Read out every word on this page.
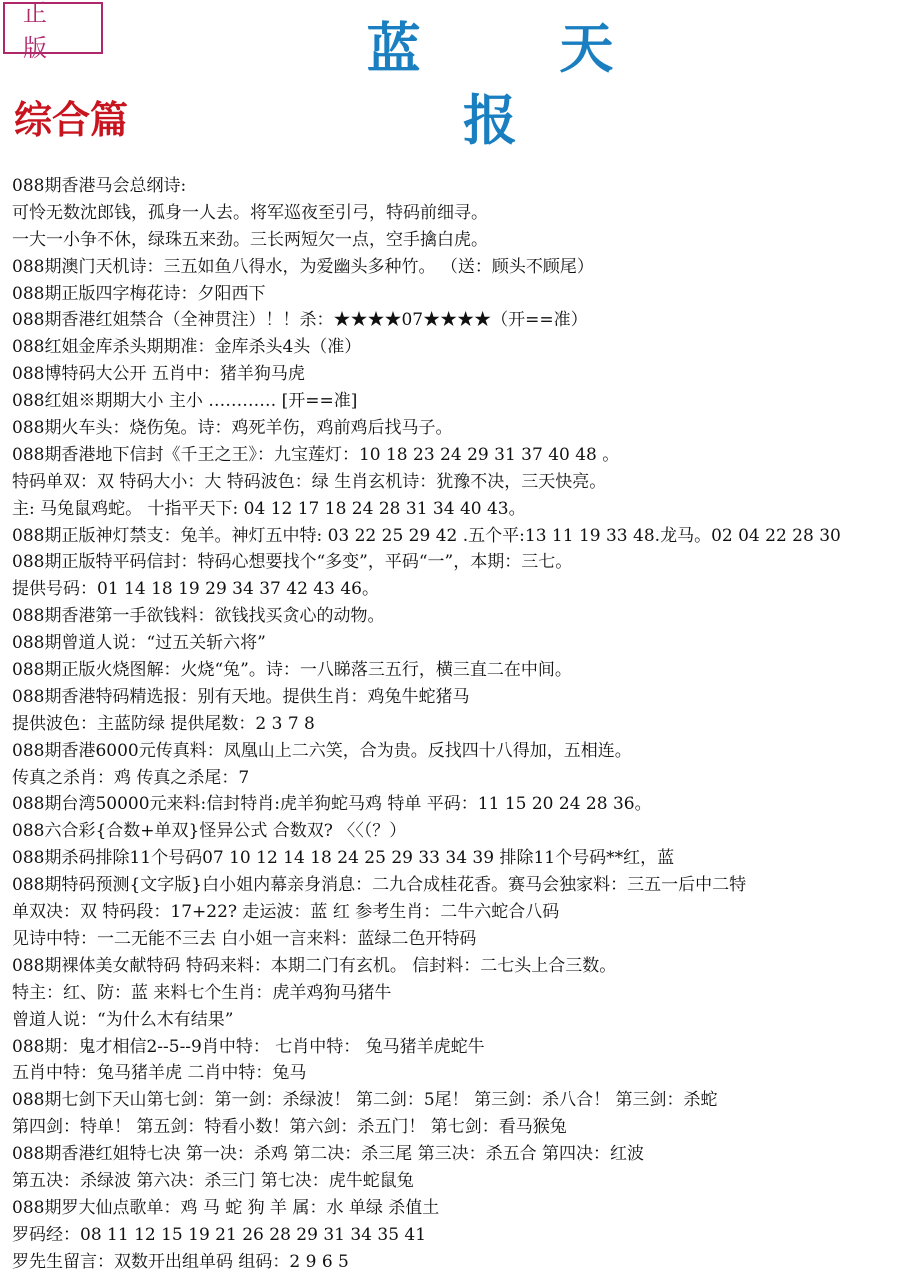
正 版	蓝 天 报
综合篇
088期香港马会总纲诗:
可怜无数沈郎钱，孤身一人去。将军巡夜至引弓，特码前细寻。
一大一小争不休，绿珠五来劲。三长两短欠一点，空手擒白虎。
088期澳门天机诗：三五如鱼八得水，为爱幽头多种竹。 （送：顾头不顾尾）
088期正版四字梅花诗：夕阳西下
088期香港红姐禁合（全神贯注）！！杀：★★★★07★★★★（开==准）
088红姐金库杀头期期准：金库杀头4头（准）
088博特码大公开 五肖中：猪羊狗马虎
088红姐※期期大小 主小 ………… [开==准]
088期火车头：烧伤兔。诗：鸡死羊伤，鸡前鸡后找马子。
088期香港地下信封《千王之王》：九宝莲灯：10 18 23 24 29 31 37 40 48 。
特码单双：双 特码大小：大 特码波色：绿 生肖玄机诗：犹豫不决，三天快亮。
主: 马兔鼠鸡蛇。 十指平天下: 04 12 17 18 24 28 31 34 40 43。
088期正版神灯禁支：兔羊。神灯五中特: 03 22 25 29 42 .五个平:13 11 19 33 48.龙马。02 04 22 28 30
088期正版特平码信封：特码心想要找个“多变”，平码“一”，本期：三七。
提供号码：01 14 18 19 29 34 37 42 43 46。
088期香港第一手欲钱料：欲钱找买贪心的动物。
088期曾道人说：“过五关斩六将”
088期正版火烧图解：火烧“兔”。诗：一八睇落三五行，横三直二在中间。
088期香港特码精选报：别有天地。提供生肖：鸡兔牛蛇猪马
提供波色：主蓝防绿 提供尾数：2 3 7 8
088期香港6000元传真料：凤凰山上二六笑，合为贵。反找四十八得加，五相连。
传真之杀肖：鸡 传真之杀尾：7
088期台湾50000元来料:信封特肖:虎羊狗蛇马鸡 特单 平码：11 15 20 24 28 36。
088六合彩{合数+单双}怪异公式 合数双? 〈〈（？）
088期杀码排除11个号码07 10 12 14 18 24 25 29 33 34 39 排除11个号码**红，蓝
088期特码预测{文字版}白小姐内幕亲身消息：二九合成桂花香。赛马会独家料：三五一后中二特
单双决：双 特码段：17+22? 走运波：蓝 红 参考生肖：二牛六蛇合八码
见诗中特：一二无能不三去 白小姐一言来料：蓝绿二色开特码
088期裸体美女献特码 特码来料：本期二门有玄机。 信封料：二七头上合三数。
特主：红、防：蓝 来料七个生肖：虎羊鸡狗马猪牛
曾道人说：“为什么木有结果”
088期：鬼才相信2--5--9肖中特： 七肖中特： 兔马猪羊虎蛇牛
五肖中特：兔马猪羊虎 二肖中特：兔马
088期七剑下天山第七剑：第一剑：杀绿波！ 第二剑：5尾！ 第三剑：杀八合！ 第三剑：杀蛇
第四剑：特单！ 第五剑：特看小数！第六剑：杀五门！ 第七剑：看马猴兔
088期香港红姐特七决 第一决：杀鸡 第二决：杀三尾 第三决：杀五合 第四决：红波
第五决：杀绿波 第六决：杀三门 第七决：虎牛蛇鼠兔
088期罗大仙点歌单：鸡 马 蛇 狗 羊 属：水 单绿 杀值土
罗码经：08 11 12 15 19 21 26 28 29 31 34 35 41
罗先生留言：双数开出组单码 组码：2 9 6 5
